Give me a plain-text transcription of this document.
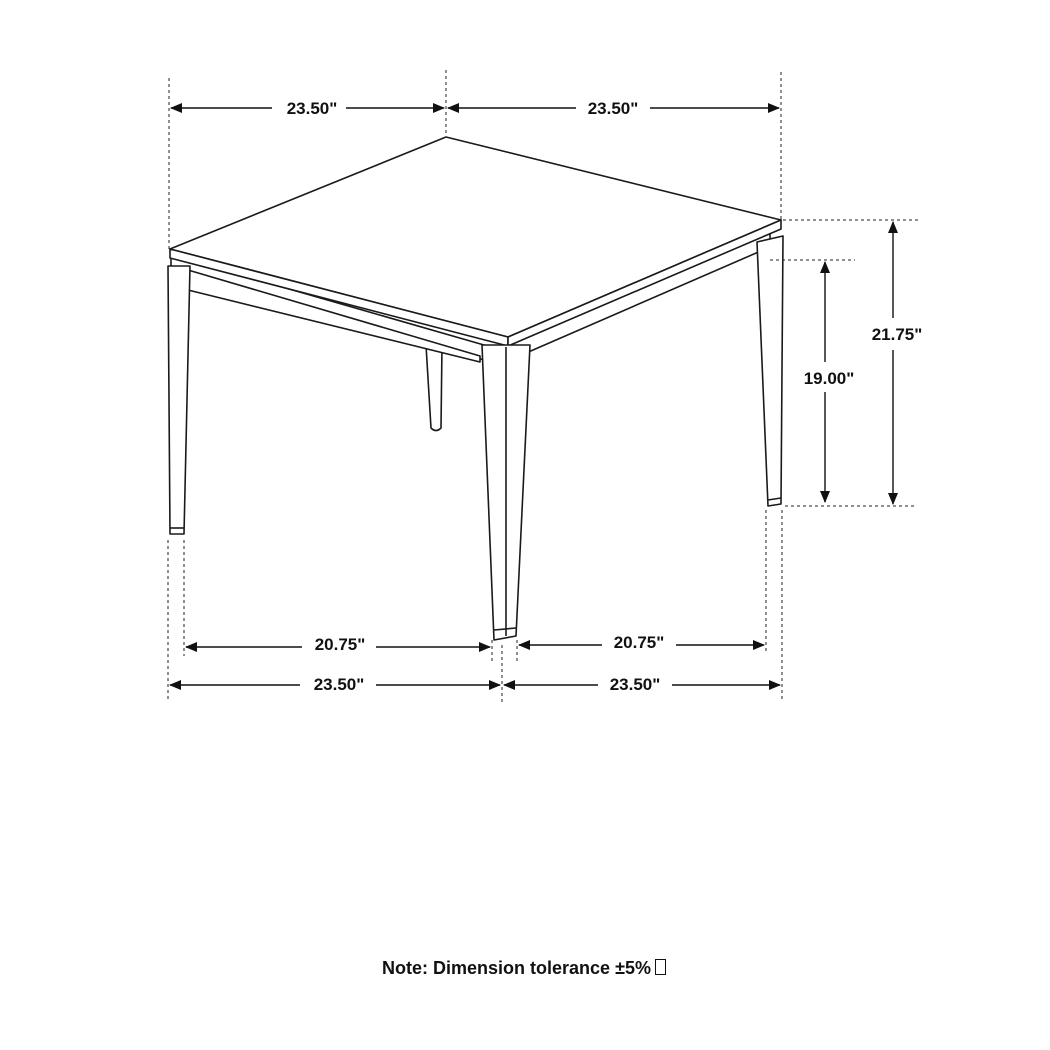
23.50"	23.50"
21.75"
19.00"
20.75"	20.75"
23.50"	23.50"
Note: Dimension tolerance ±5%
